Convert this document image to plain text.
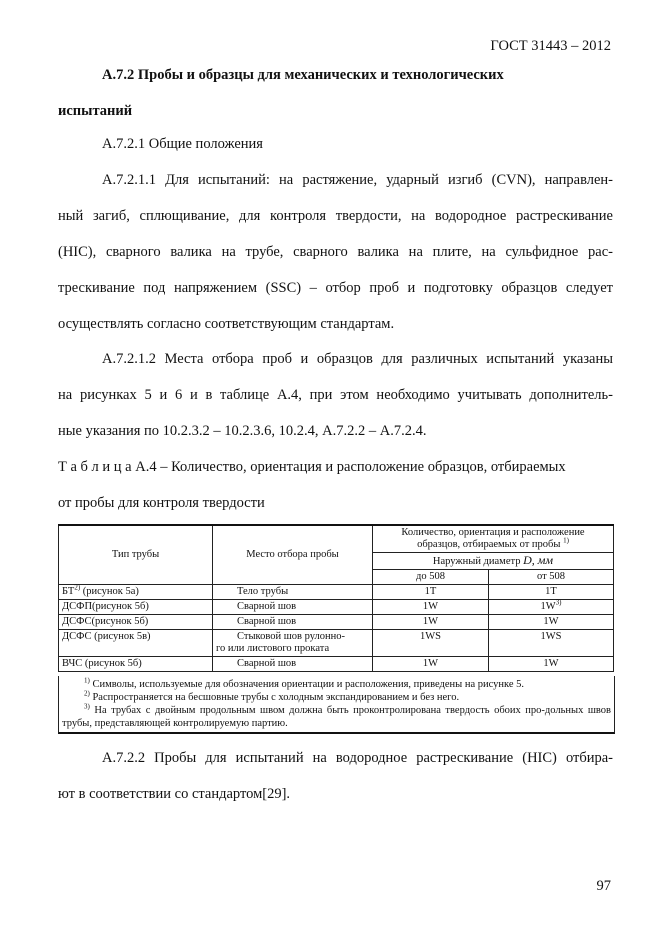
ГОСТ 31443 – 2012
А.7.2 Пробы и образцы для механических и технологических
испытаний
А.7.2.1 Общие положения
А.7.2.1.1 Для испытаний: на растяжение, ударный изгиб (CVN), направлен-
ный загиб, сплющивание, для контроля твердости, на водородное растрескивание
(HIC), сварного валика на трубе, сварного валика на плите, на сульфидное рас-
трескивание под напряжением (SSC) – отбор проб и подготовку образцов следует
осуществлять согласно соответствующим стандартам.
А.7.2.1.2 Места отбора проб и образцов для различных испытаний указаны
на рисунках 5 и 6 и в таблице А.4, при этом необходимо учитывать дополнитель-
ные указания по 10.2.3.2 – 10.2.3.6, 10.2.4, А.7.2.2 – А.7.2.4.
Т а б л и ц а А.4 – Количество, ориентация и расположение образцов, отбираемых
от пробы для контроля твердости
Тип трубы	Место отбора пробы	Количество, ориентация и расположение
образцов, отбираемых от пробы $^{1)}$
		Наружный диаметр D, мм	
		до 508	от 508
БТ$^{2)}$ (рисунок 5а)	Тело трубы	1T	1T
ДСФП(рисунок 5б)	Сварной шов	1W	$1W^{3)}$
ДСФС(рисунок 5б)	Сварной шов	1W	1W
ДСФС (рисунок 5в)	Стыковой шов рулонно-
го или листового проката	1WS	1WS
ВЧС (рисунок 5б)	Сварной шов	1W	1W
$^{1)}$ Символы, используемые для обозначения ориентации и расположения, приведены на рисунке 5.
$^{2)}$ Распространяется на бесшовные трубы с холодным экспандированием и без него.
$^{3)}$ На трубах с двойным продольным швом должна быть проконтролирована твердость обоих про-дольных швов трубы, представляющей контролируемую партию.
А.7.2.2 Пробы для испытаний на водородное растрескивание (HIC) отбира-
ют в соответствии со стандартом[29].
97
